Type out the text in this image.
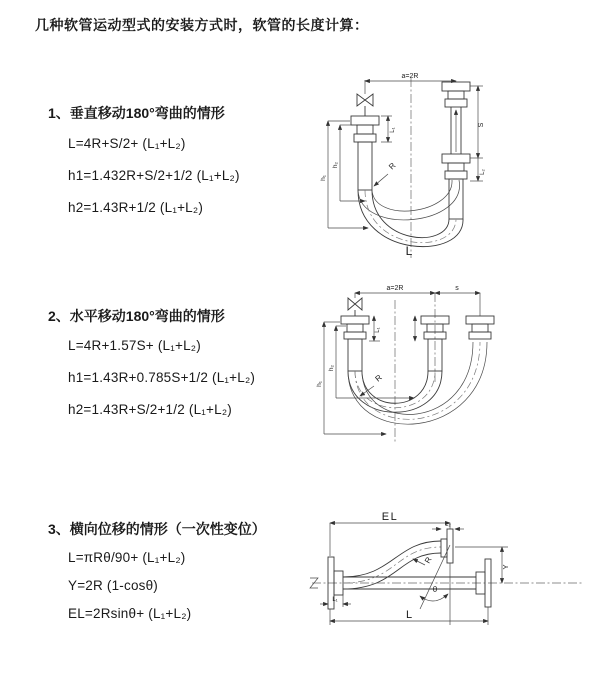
几种软管运动型式的安装方式时，软管的长度计算：
1、垂直移动180°弯曲的情形
L=4R+S/2+ (L₁+L₂)
h1=1.432R+S/2+1/2 (L₁+L₂)
h2=1.43R+1/2 (L₁+L₂)
2、水平移动180°弯曲的情形
L=4R+1.57S+ (L₁+L₂)
h1=1.43R+0.785S+1/2 (L₁+L₂)
h2=1.43R+S/2+1/2 (L₁+L₂)
3、横向位移的情形（一次性变位）
L=πRθ/90+ (L₁+L₂)
Y=2R (1-cosθ)
EL=2Rsinθ+ (L₁+L₂)
a=2R
S
L₂
L₁
h₁
h₂	R
L
a=2R	s
h₁
h₂
L₁
R
EL
L₂
Y
R
θ
L
L₁
